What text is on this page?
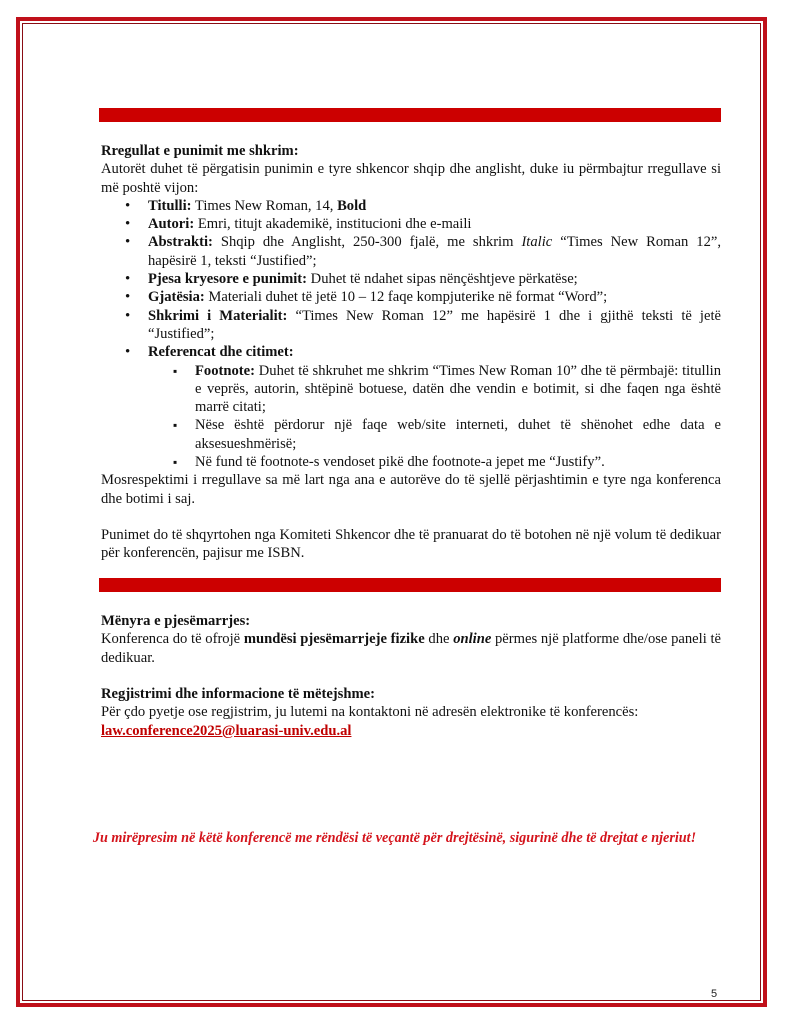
Rregullat e punimit me shkrim:
Autorët duhet të përgatisin punimin e tyre shkencor shqip dhe anglisht, duke iu përmbajtur rregullave si më poshtë vijon:
• Titulli: Times New Roman, 14, Bold
• Autori: Emri, titujt akademikë, institucioni dhe e-maili
• Abstrakti: Shqip dhe Anglisht, 250-300 fjalë, me shkrim Italic “Times New Roman 12”, hapësirë 1, teksti “Justified”;
• Pjesa kryesore e punimit: Duhet të ndahet sipas nënçështjeve përkatëse;
• Gjatësia: Materiali duhet të jetë 10 – 12 faqe kompjuterike në format “Word”;
• Shkrimi i Materialit: “Times New Roman 12” me hapësirë 1 dhe i gjithë teksti të jetë “Justified”;
• Referencat dhe citimet:
▪ Footnote: Duhet të shkruhet me shkrim “Times New Roman 10” dhe të përmbajë: titullin e veprës, autorin, shtëpinë botuese, datën dhe vendin e botimit, si dhe faqen nga është marrë citati;
▪ Nëse është përdorur një faqe web/site interneti, duhet të shënohet edhe data e aksesueshmërisë;
▪ Në fund të footnote-s vendoset pikë dhe footnote-a jepet me “Justify”.
Mosrespektimi i rregullave sa më lart nga ana e autorëve do të sjellë përjashtimin e tyre nga konferenca dhe botimi i saj.
Punimet do të shqyrtohen nga Komiteti Shkencor dhe të pranuarat do të botohen në një volum të dedikuar për konferencën, pajisur me ISBN.
Mënyra e pjesëmarrjes:
Konferenca do të ofrojë mundësi pjesëmarrjeje fizike dhe online përmes një platforme dhe/ose paneli të dedikuar.
Regjistrimi dhe informacione të mëtejshme:
Për çdo pyetje ose regjistrim, ju lutemi na kontaktoni në adresën elektronike të konferencës:
law.conference2025@luarasi-univ.edu.al
Ju mirëpresim në këtë konferencë me rëndësi të veçantë për drejtësinë, sigurinë dhe të drejtat e njeriut!
5
